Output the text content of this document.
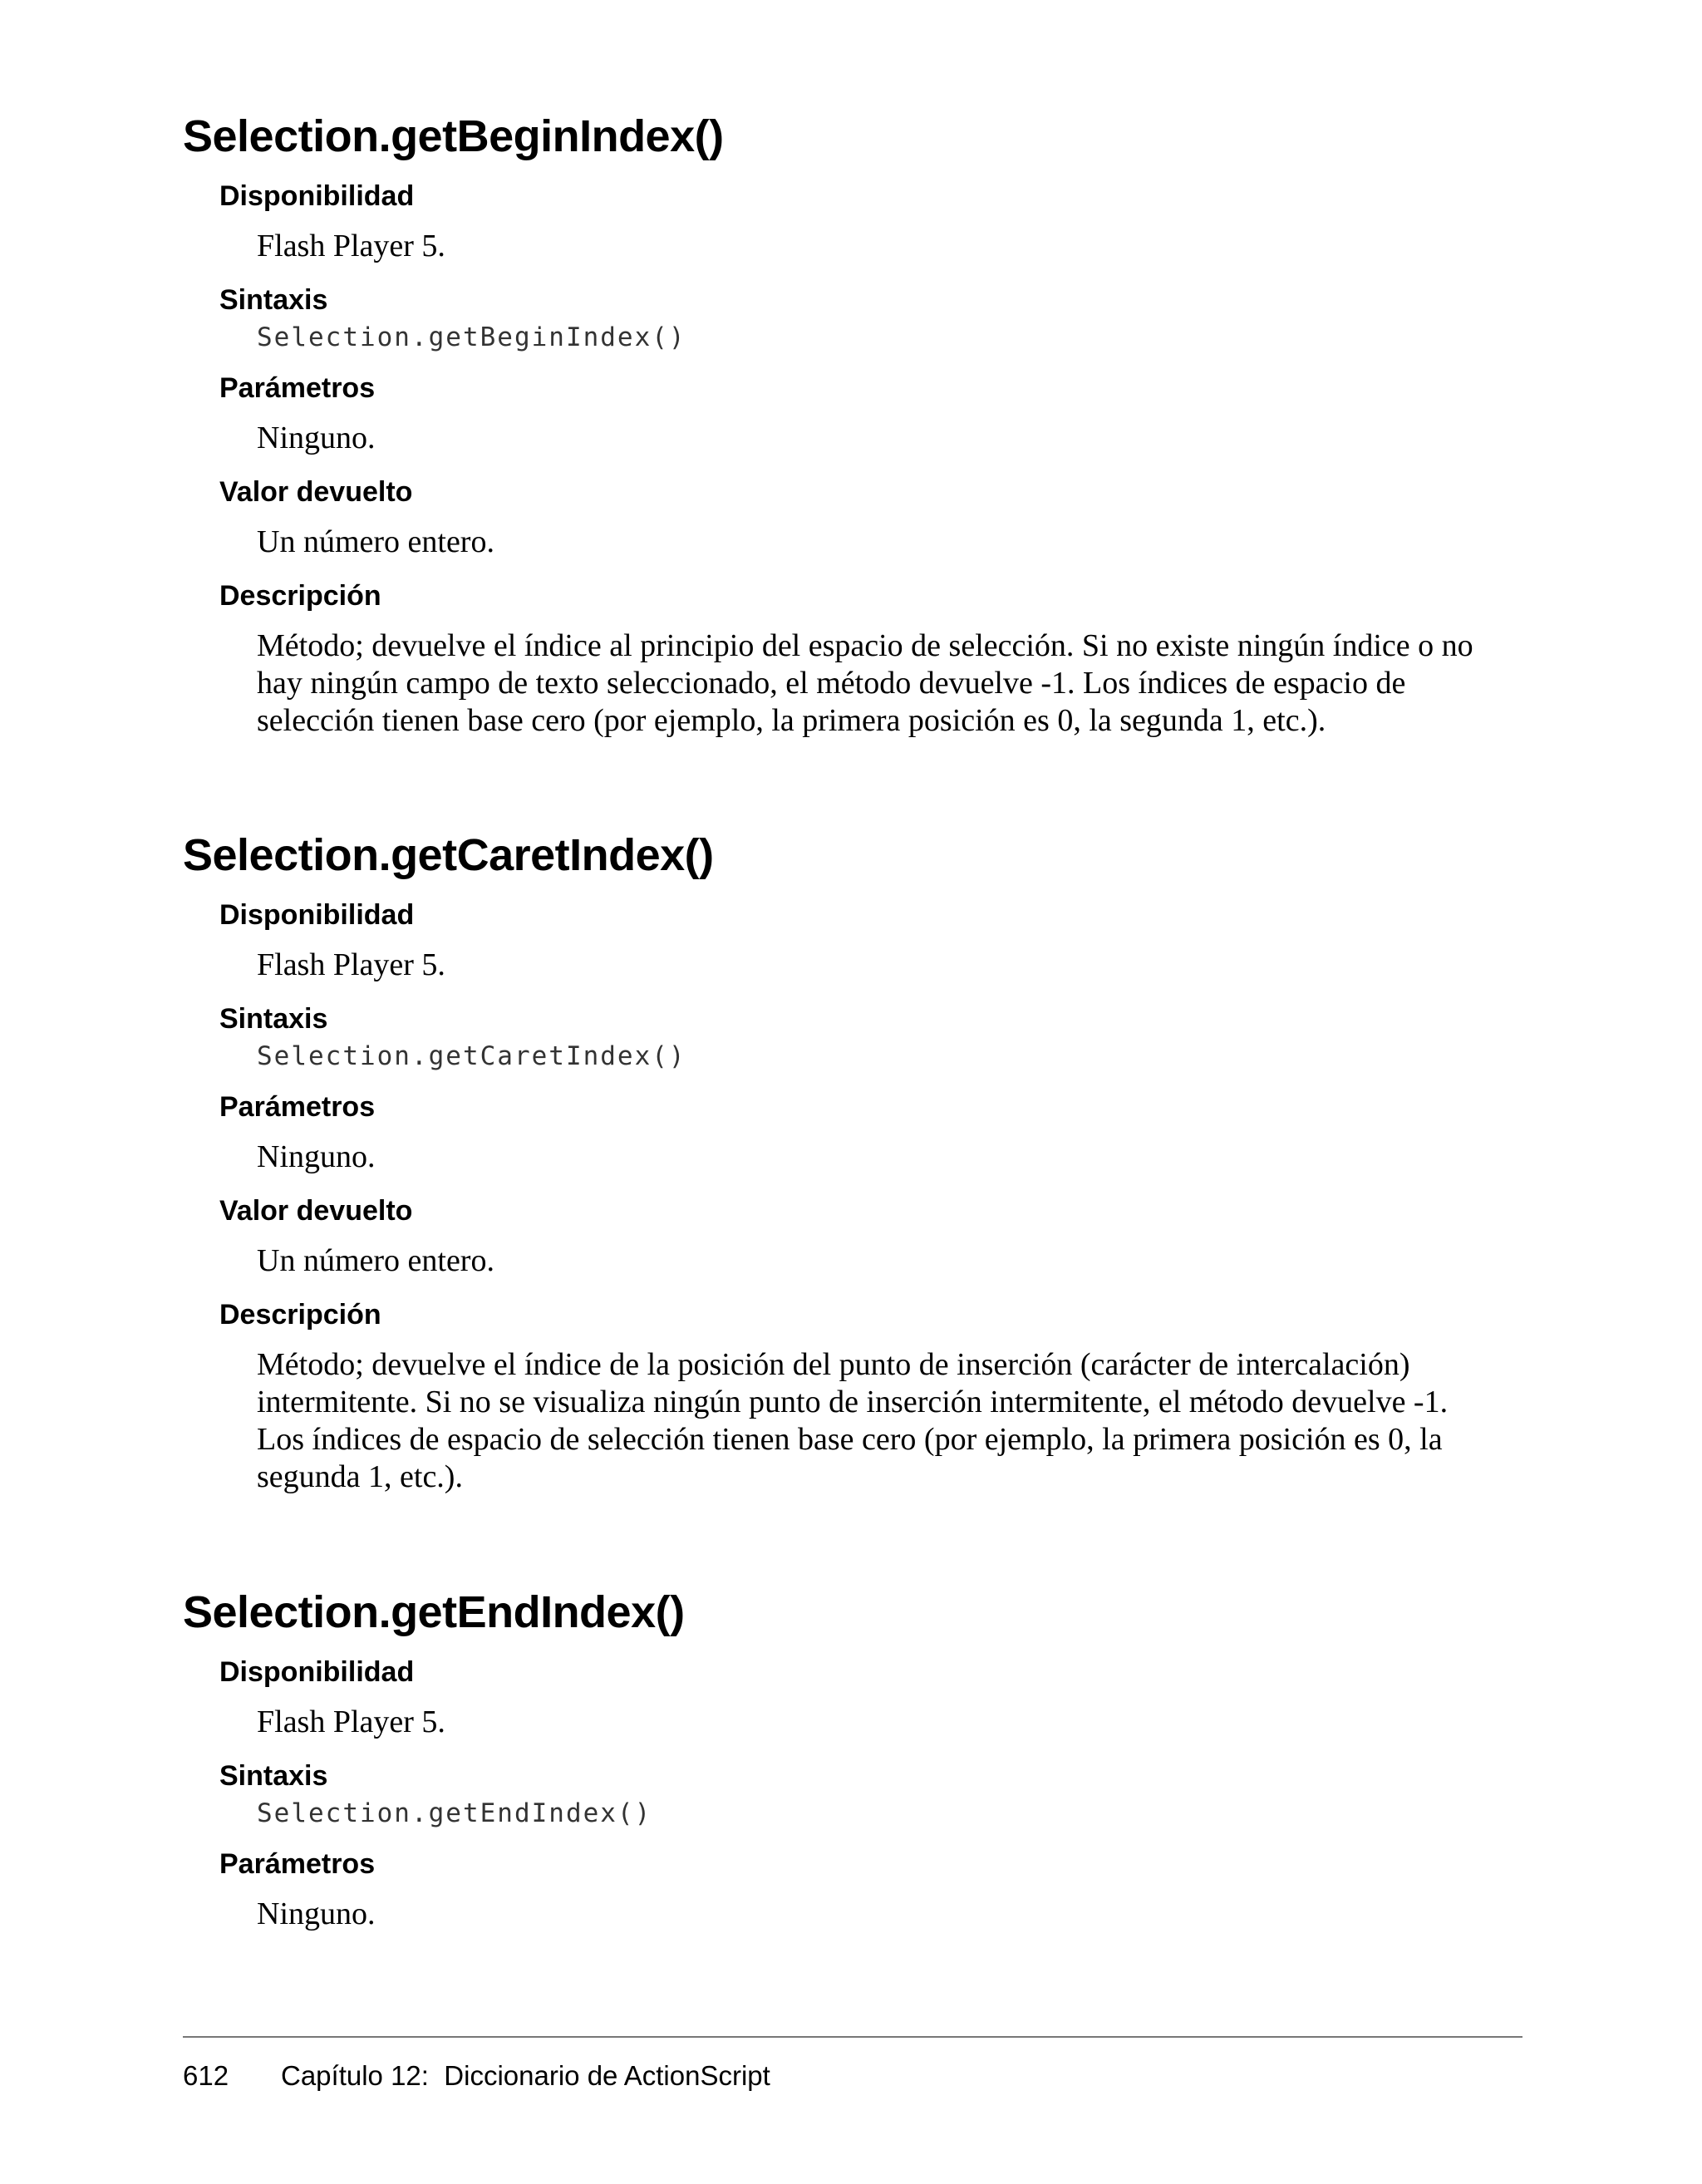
Selection.getBeginIndex()
Disponibilidad

Flash Player 5.

Sintaxis

Selection.getBeginIndex()

Parámetros

Ninguno.

Valor devuelto

Un número entero.

Descripción

Método; devuelve el índice al principio del espacio de selección. Si no existe ningún índice o no

hay ningún campo de texto seleccionado, el método devuelve -1. Los índices de espacio de

selección tienen base cero (por ejemplo, la primera posición es 0, la segunda 1, etc.).

Selection.getCaretIndex()
Disponibilidad

Flash Player 5.

Sintaxis

Selection.getCaretIndex()

Parámetros

Ninguno.

Valor devuelto

Un número entero.

Descripción

Método; devuelve el índice de la posición del punto de inserción (carácter de intercalación)

intermitente. Si no se visualiza ningún punto de inserción intermitente, el método devuelve -1.

Los índices de espacio de selección tienen base cero (por ejemplo, la primera posición es 0, la

segunda 1, etc.).

Selection.getEndIndex()
Disponibilidad

Flash Player 5.

Sintaxis

Selection.getEndIndex()

Parámetros

Ninguno.

612 Capítulo 12:  Diccionario de ActionScript
